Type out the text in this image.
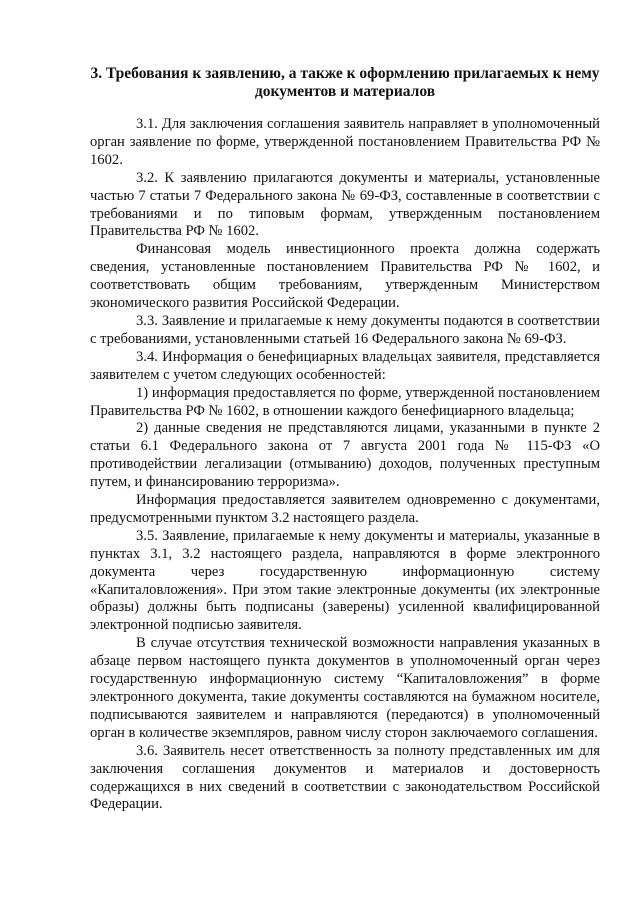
3. Требования к заявлению, а также к оформлению прилагаемых к нему документов и материалов

3.1. Для заключения соглашения заявитель направляет в уполномоченный орган заявление по форме, утвержденной постановлением Правительства РФ № 1602.

3.2. К заявлению прилагаются документы и материалы, установленные частью 7 статьи 7 Федерального закона № 69-ФЗ, составленные в соответствии с требованиями и по типовым формам, утвержденным постановлением Правительства РФ № 1602.

Финансовая модель инвестиционного проекта должна содержать сведения, установленные постановлением Правительства РФ № 1602, и соответствовать общим требованиям, утвержденным Министерством экономического развития Российской Федерации.

3.3. Заявление и прилагаемые к нему документы подаются в соответствии с требованиями, установленными статьей 16 Федерального закона № 69-ФЗ.

3.4. Информация о бенефициарных владельцах заявителя, представляется заявителем с учетом следующих особенностей:

1) информация предоставляется по форме, утвержденной постановлением Правительства РФ № 1602, в отношении каждого бенефициарного владельца;

2) данные сведения не представляются лицами, указанными в пункте 2 статьи 6.1 Федерального закона от 7 августа 2001 года № 115-ФЗ «О противодействии легализации (отмыванию) доходов, полученных преступным путем, и финансированию терроризма».

Информация предоставляется заявителем одновременно с документами, предусмотренными пунктом 3.2 настоящего раздела.

3.5. Заявление, прилагаемые к нему документы и материалы, указанные в пунктах 3.1, 3.2 настоящего раздела, направляются в форме электронного документа через государственную информационную систему «Капиталовложения». При этом такие электронные документы (их электронные образы) должны быть подписаны (заверены) усиленной квалифицированной электронной подписью заявителя.

В случае отсутствия технической возможности направления указанных в абзаце первом настоящего пункта документов в уполномоченный орган через государственную информационную систему “Капиталовложения” в форме электронного документа, такие документы составляются на бумажном носителе, подписываются заявителем и направляются (передаются) в уполномоченный орган в количестве экземпляров, равном числу сторон заключаемого соглашения.

3.6. Заявитель несет ответственность за полноту представленных им для заключения соглашения документов и материалов и достоверность содержащихся в них сведений в соответствии с законодательством Российской Федерации.
